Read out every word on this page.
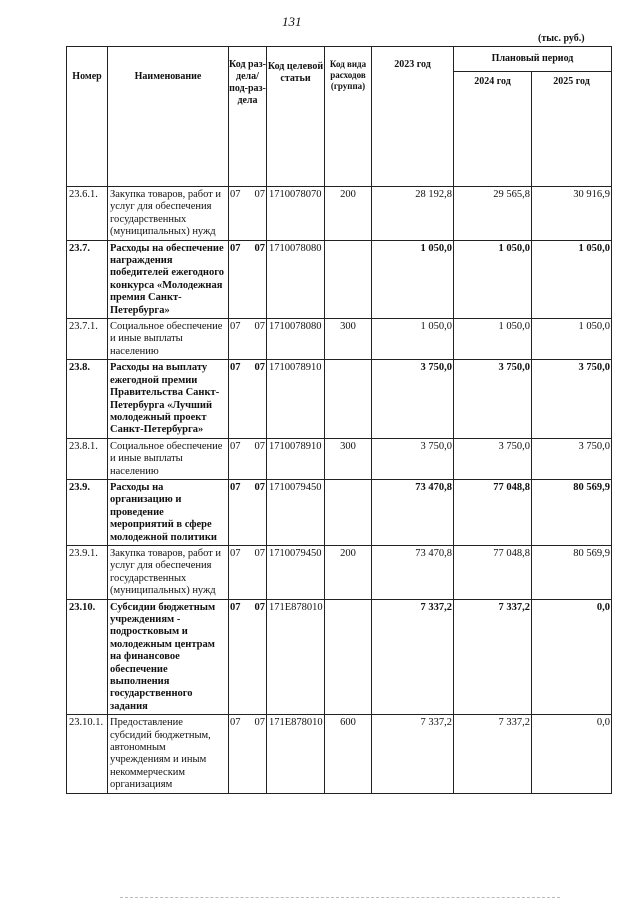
131
(тыс. руб.)
Номер	Наименование	Код раз-дела/ под-раз-дела	Код целевой статьи	Код вида расходов (группа)	2023 год	Плановый период	
						2024 год	2025 год
23.6.1.	Закупка товаров, работ и услуг для обеспечения государственных (муниципальных) нужд	07 07	1710078070	200	28 192,8	29 565,8	30 916,9
23.7.	Расходы на обеспечение награждения победителей ежегодного конкурса «Молодежная премия Санкт-Петербурга»	07 07	1710078080		1 050,0	1 050,0	1 050,0
23.7.1.	Социальное обеспечение и иные выплаты населению	07 07	1710078080	300	1 050,0	1 050,0	1 050,0
23.8.	Расходы на выплату ежегодной премии Правительства Санкт-Петербурга «Лучший молодежный проект Санкт-Петербурга»	07 07	1710078910		3 750,0	3 750,0	3 750,0
23.8.1.	Социальное обеспечение и иные выплаты населению	07 07	1710078910	300	3 750,0	3 750,0	3 750,0
23.9.	Расходы на организацию и проведение мероприятий в сфере молодежной политики	07 07	1710079450		73 470,8	77 048,8	80 569,9
23.9.1.	Закупка товаров, работ и услуг для обеспечения государственных (муниципальных) нужд	07 07	1710079450	200	73 470,8	77 048,8	80 569,9
23.10.	Субсидии бюджетным учреждениям - подростковым и молодежным центрам на финансовое обеспечение выполнения государственного задания	07 07	171E878010		7 337,2	7 337,2	0,0
23.10.1.	Предоставление субсидий бюджетным, автономным учреждениям и иным некоммерческим организациям	07 07	171E878010	600	7 337,2	7 337,2	0,0
